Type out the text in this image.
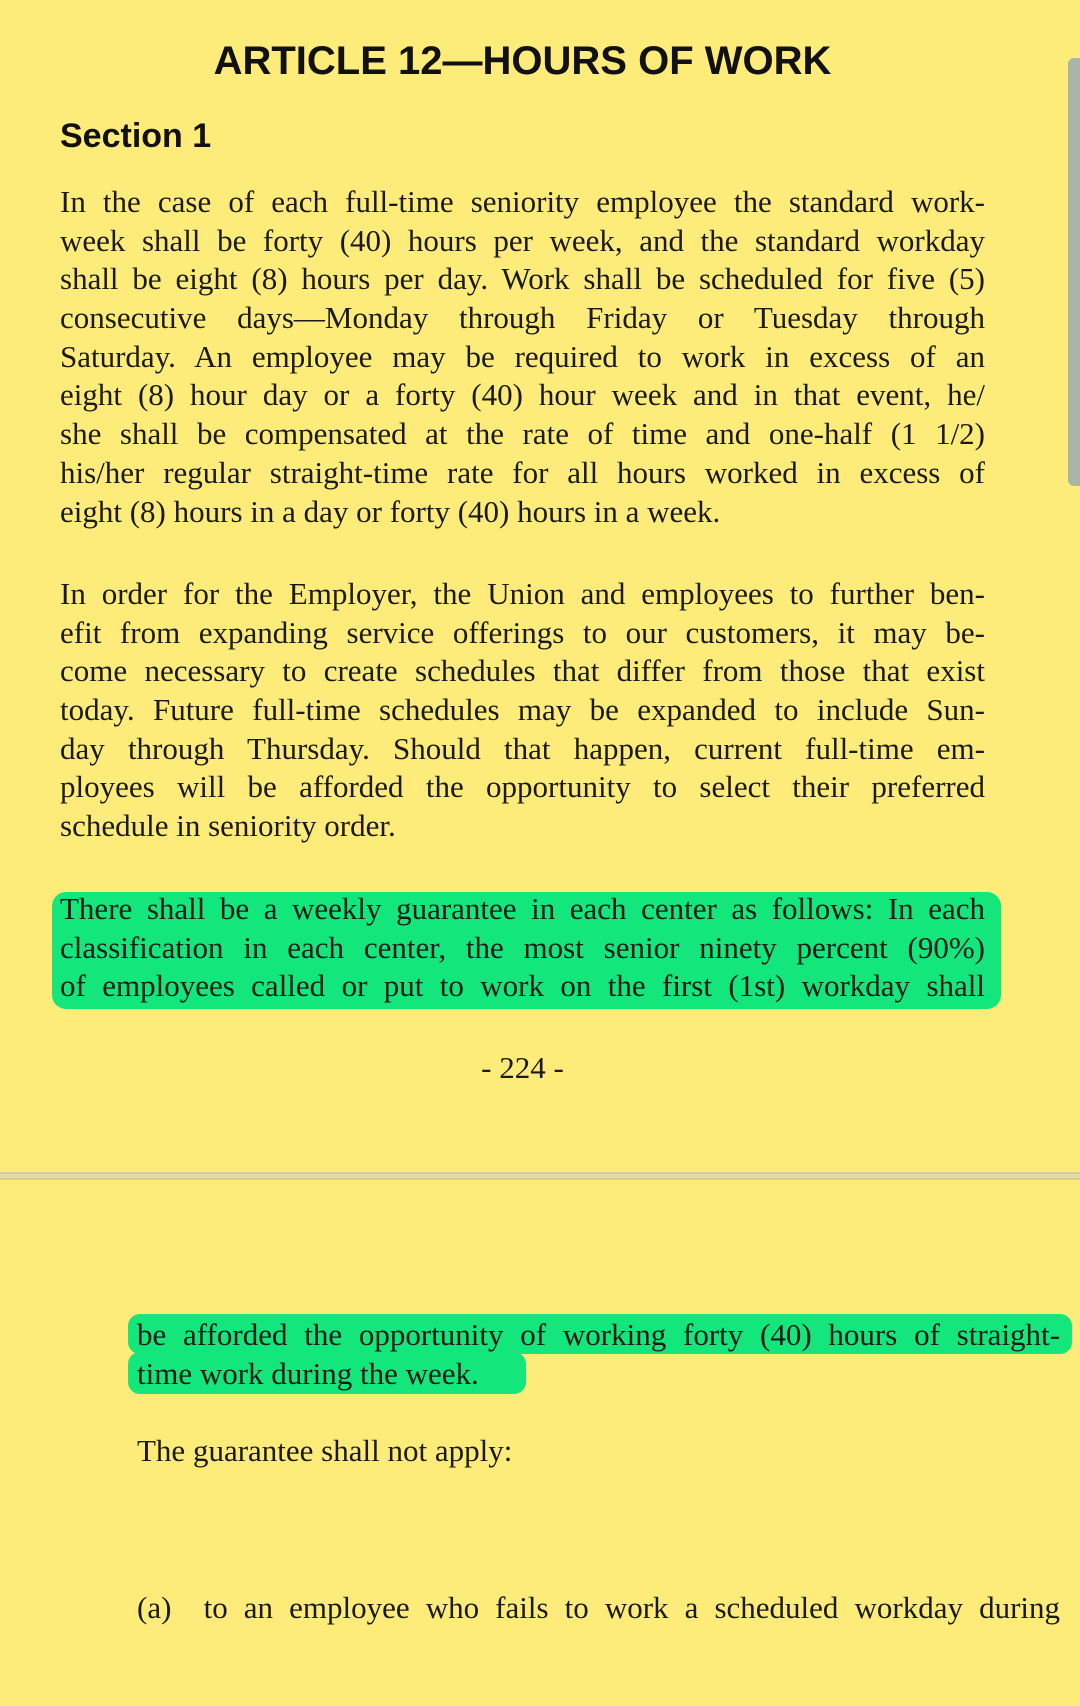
ARTICLE 12—HOURS OF WORK
Section 1

In the case of each full-time seniority employee the standard work-
week shall be forty (40) hours per week, and the standard workday
shall be eight (8) hours per day. Work shall be scheduled for five (5)
consecutive days—Monday through Friday or Tuesday through
Saturday. An employee may be required to work in excess of an
eight (8) hour day or a forty (40) hour week and in that event, he/
she shall be compensated at the rate of time and one-half (1 1/2)
his/her regular straight-time rate for all hours worked in excess of
eight (8) hours in a day or forty (40) hours in a week.

In order for the Employer, the Union and employees to further ben-
efit from expanding service offerings to our customers, it may be-
come necessary to create schedules that differ from those that exist
today. Future full-time schedules may be expanded to include Sun-
day through Thursday. Should that happen, current full-time em-
ployees will be afforded the opportunity to select their preferred
schedule in seniority order.

There shall be a weekly guarantee in each center as follows: In each
classification in each center, the most senior ninety percent (90%)
of employees called or put to work on the first (1st) workday shall

- 224 -

be afforded the opportunity of working forty (40) hours of straight-
time work during the week.

The guarantee shall not apply:

(a)  to an employee who fails to work a scheduled workday during
